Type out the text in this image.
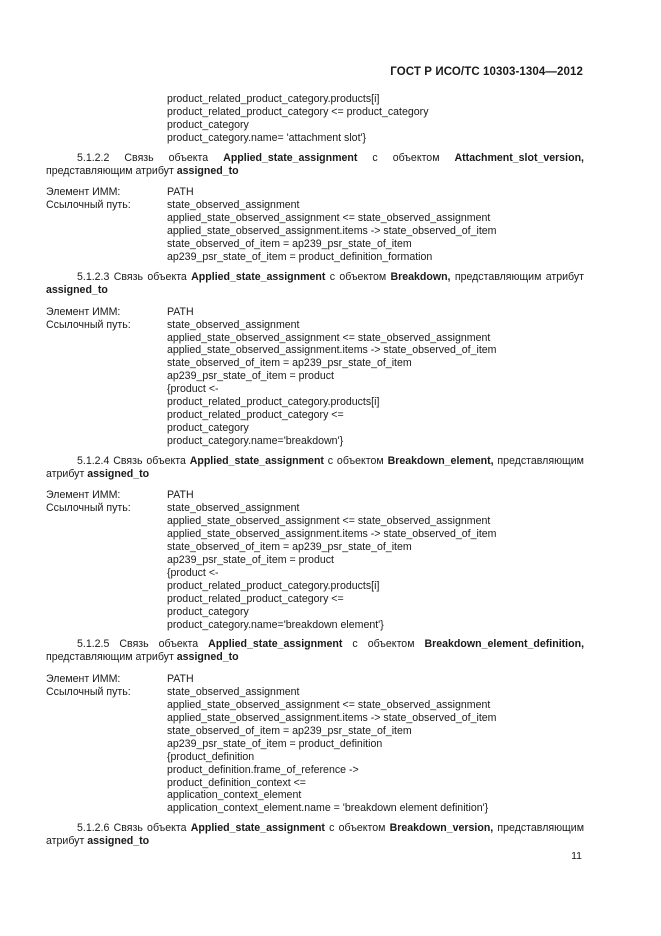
ГОСТ Р ИСО/ТС 10303-1304—2012
product_related_product_category.products[i]
product_related_product_category <= product_category
product_category
product_category.name= 'attachment slot'}
5.1.2.2 Связь объекта Applied_state_assignment с объектом Attachment_slot_version, представляющим атрибут assigned_to
Элемент ИММ:	PATH
Ссылочный путь:	state_observed_assignment
applied_state_observed_assignment <= state_observed_assignment
applied_state_observed_assignment.items -> state_observed_of_item
state_observed_of_item = ap239_psr_state_of_item
ap239_psr_state_of_item = product_definition_formation
5.1.2.3 Связь объекта Applied_state_assignment с объектом Breakdown, представляющим атрибут assigned_to
Элемент ИММ:	PATH
Ссылочный путь:	state_observed_assignment
applied_state_observed_assignment <= state_observed_assignment
applied_state_observed_assignment.items -> state_observed_of_item
state_observed_of_item = ap239_psr_state_of_item
ap239_psr_state_of_item = product
{product <-
product_related_product_category.products[i]
product_related_product_category <=
product_category
product_category.name='breakdown'}
5.1.2.4 Связь объекта Applied_state_assignment с объектом Breakdown_element, представляющим атрибут assigned_to
Элемент ИММ:	PATH
Ссылочный путь:	state_observed_assignment
applied_state_observed_assignment <= state_observed_assignment
applied_state_observed_assignment.items -> state_observed_of_item
state_observed_of_item = ap239_psr_state_of_item
ap239_psr_state_of_item = product
{product <-
product_related_product_category.products[i]
product_related_product_category <=
product_category
product_category.name='breakdown element'}
5.1.2.5 Связь объекта Applied_state_assignment с объектом Breakdown_element_definition, представляющим атрибут assigned_to
Элемент ИММ:	PATH
Ссылочный путь:	state_observed_assignment
applied_state_observed_assignment <= state_observed_assignment
applied_state_observed_assignment.items -> state_observed_of_item
state_observed_of_item = ap239_psr_state_of_item
ap239_psr_state_of_item = product_definition
{product_definition
product_definition.frame_of_reference ->
product_definition_context <=
application_context_element
application_context_element.name = 'breakdown element definition'}
5.1.2.6 Связь объекта Applied_state_assignment с объектом Breakdown_version, представляющим атрибут assigned_to
11
